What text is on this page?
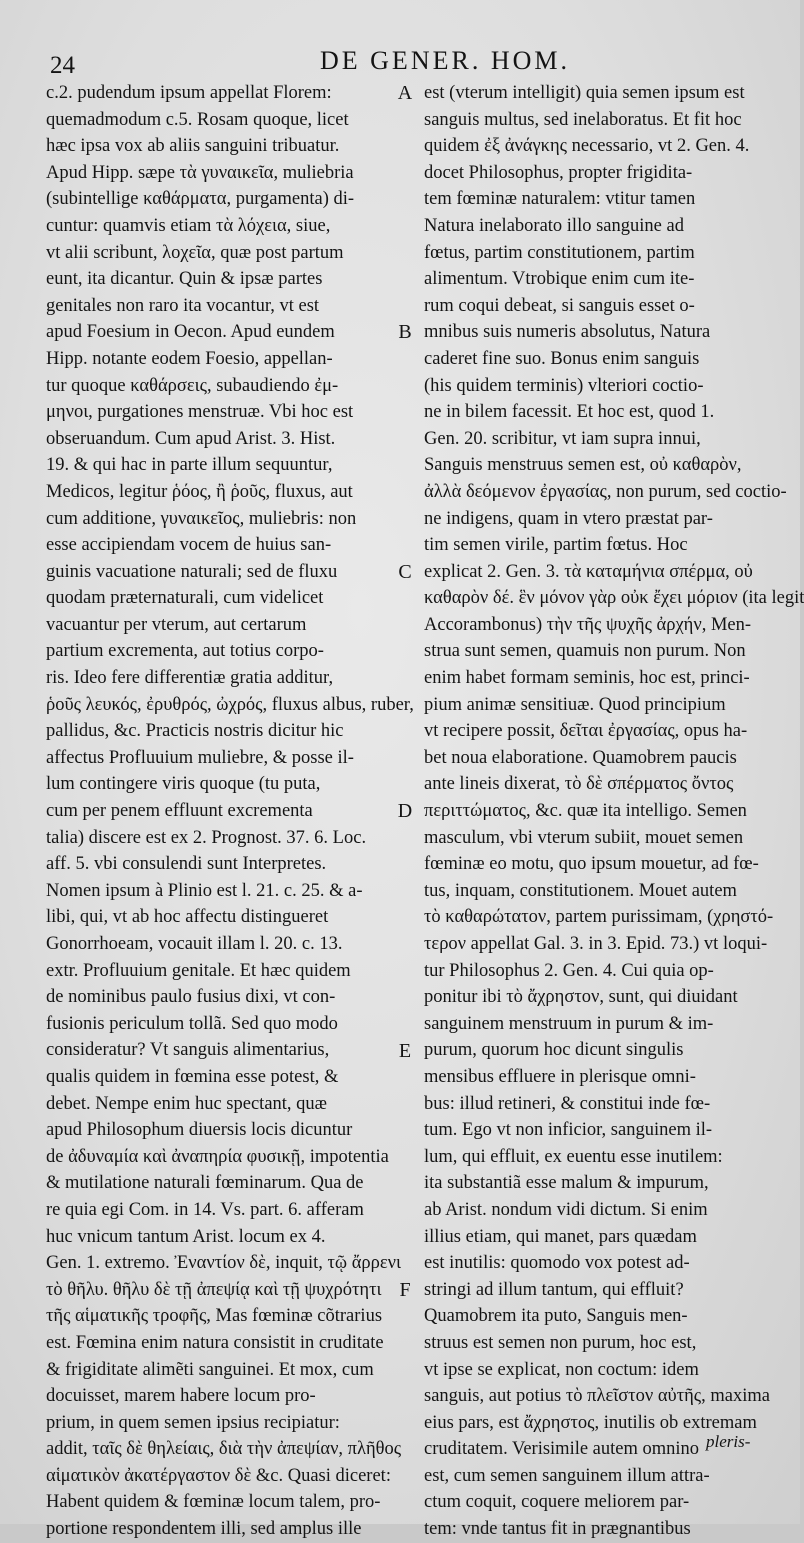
24	DE GENER. HOM.
c.2. pudendum ipsum appellat Florem:
quemadmodum c.5. Rosam quoque, licet
hæc ipsa vox ab aliis sanguini tribuatur.
Apud Hipp. sæpe τὰ γυναικεῖα, muliebria
(subintellige καθάρματα, purgamenta) di-
cuntur: quamvis etiam τὰ λόχεια, siue,
vt alii scribunt, λοχεῖα, quæ post partum
eunt, ita dicantur. Quin & ipsæ partes
genitales non raro ita vocantur, vt est
apud Foesium in Oecon. Apud eundem
Hipp. notante eodem Foesio, appellan-
tur quoque καθάρσεις, subaudiendo ἐμ-
μηνοι, purgationes menstruæ. Vbi hoc est
obseruandum. Cum apud Arist. 3. Hist.
19. & qui hac in parte illum sequuntur,
Medicos, legitur ῥόος, ἢ ῥοῦς, fluxus, aut
cum additione, γυναικεῖος, muliebris: non
esse accipiendam vocem de huius san-
guinis vacuatione naturali; sed de fluxu
quodam præternaturali, cum videlicet
vacuantur per vterum, aut certarum
partium excrementa, aut totius corpo-
ris. Ideo fere differentiæ gratia additur,
ῥοῦς λευκός, ἐρυθρός, ὠχρός, fluxus albus, ruber,
pallidus, &c. Practicis nostris dicitur hic
affectus Profluuium muliebre, & posse il-
lum contingere viris quoque (tu puta,
cum per penem effluunt excrementa
talia) discere est ex 2. Prognost. 37. 6. Loc.
aff. 5. vbi consulendi sunt Interpretes.
Nomen ipsum à Plinio est l. 21. c. 25. & a-
libi, qui, vt ab hoc affectu distingueret
Gonorrhoeam, vocauit illam l. 20. c. 13.
extr. Profluuium genitale. Et hæc quidem
de nominibus paulo fusius dixi, vt con-
fusionis periculum tollã. Sed quo modo
consideratur? Vt sanguis alimentarius,
qualis quidem in fœmina esse potest, &
debet. Nempe enim huc spectant, quæ
apud Philosophum diuersis locis dicuntur
de ἀδυναμία καὶ ἀναπηρία φυσικῇ, impotentia
& mutilatione naturali fœminarum. Qua de
re quia egi Com. in 14. Vs. part. 6. afferam
huc vnicum tantum Arist. locum ex 4.
Gen. 1. extremo. Ἐναντίον δὲ, inquit, τῷ ἄρρενι
τὸ θῆλυ. θῆλυ δὲ τῇ ἀπεψίᾳ καὶ τῇ ψυχρότητι
τῆς αἱματικῆς τροφῆς, Mas fœminæ cõtrarius
est. Fœmina enim natura consistit in cruditate
& frigiditate alimẽti sanguinei. Et mox, cum
docuisset, marem habere locum pro-
prium, in quem semen ipsius recipiatur:
addit, ταῖς δὲ θηλείαις, διὰ τὴν ἀπεψίαν, πλῆθος
αἱματικὸν ἀκατέργαστον δὲ &c. Quasi diceret:
Habent quidem & fœminæ locum talem, pro-
portione respondentem illi, sed amplus ille
A
B
C
D
E
F
est (vterum intelligit) quia semen ipsum est
sanguis multus, sed inelaboratus. Et fit hoc
quidem ἐξ ἀνάγκης necessario, vt 2. Gen. 4.
docet Philosophus, propter frigidita-
tem fœminæ naturalem: vtitur tamen
Natura inelaborato illo sanguine ad
fœtus, partim constitutionem, partim
alimentum. Vtrobique enim cum ite-
rum coqui debeat, si sanguis esset o-
mnibus suis numeris absolutus, Natura
caderet fine suo. Bonus enim sanguis
(his quidem terminis) vlteriori coctio-
ne in bilem facessit. Et hoc est, quod 1.
Gen. 20. scribitur, vt iam supra innui,
Sanguis menstruus semen est, οὐ καθαρὸν,
ἀλλὰ δεόμενον ἐργασίας, non purum, sed coctio-
ne indigens, quam in vtero præstat par-
tim semen virile, partim fœtus. Hoc
explicat 2. Gen. 3. τὰ καταμήνια σπέρμα, οὐ
καθαρὸν δέ. ἓν μόνον γὰρ οὐκ ἔχει μόριον (ita legit
Accorambonus) τὴν τῆς ψυχῆς ἀρχήν, Men-
strua sunt semen, quamuis non purum. Non
enim habet formam seminis, hoc est, princi-
pium animæ sensitiuæ. Quod principium
vt recipere possit, δεῖται ἐργασίας, opus ha-
bet noua elaboratione. Quamobrem paucis
ante lineis dixerat, τὸ δὲ σπέρματος ὄντος
περιττώματος, &c. quæ ita intelligo. Semen
masculum, vbi vterum subiit, mouet semen
fœminæ eo motu, quo ipsum mouetur, ad fœ-
tus, inquam, constitutionem. Mouet autem
τὸ καθαρώτατον, partem purissimam, (χρηστό-
τερον appellat Gal. 3. in 3. Epid. 73.) vt loqui-
tur Philosophus 2. Gen. 4. Cui quia op-
ponitur ibi τὸ ἄχρηστον, sunt, qui diuidant
sanguinem menstruum in purum & im-
purum, quorum hoc dicunt singulis
mensibus effluere in plerisque omni-
bus: illud retineri, & constitui inde fœ-
tum. Ego vt non inficior, sanguinem il-
lum, qui effluit, ex euentu esse inutilem:
ita substantiã esse malum & impurum,
ab Arist. nondum vidi dictum. Si enim
illius etiam, qui manet, pars quædam
est inutilis: quomodo vox potest ad-
stringi ad illum tantum, qui effluit?
Quamobrem ita puto, Sanguis men-
struus est semen non purum, hoc est,
vt ipse se explicat, non coctum: idem
sanguis, aut potius τὸ πλεῖστον αὐτῆς, maxima
eius pars, est ἄχρηστος, inutilis ob extremam
cruditatem. Verisimile autem omnino
est, cum semen sanguinem illum attra-
ctum coquit, coquere meliorem par-
tem: vnde tantus fit in prægnantibus
pleris-
